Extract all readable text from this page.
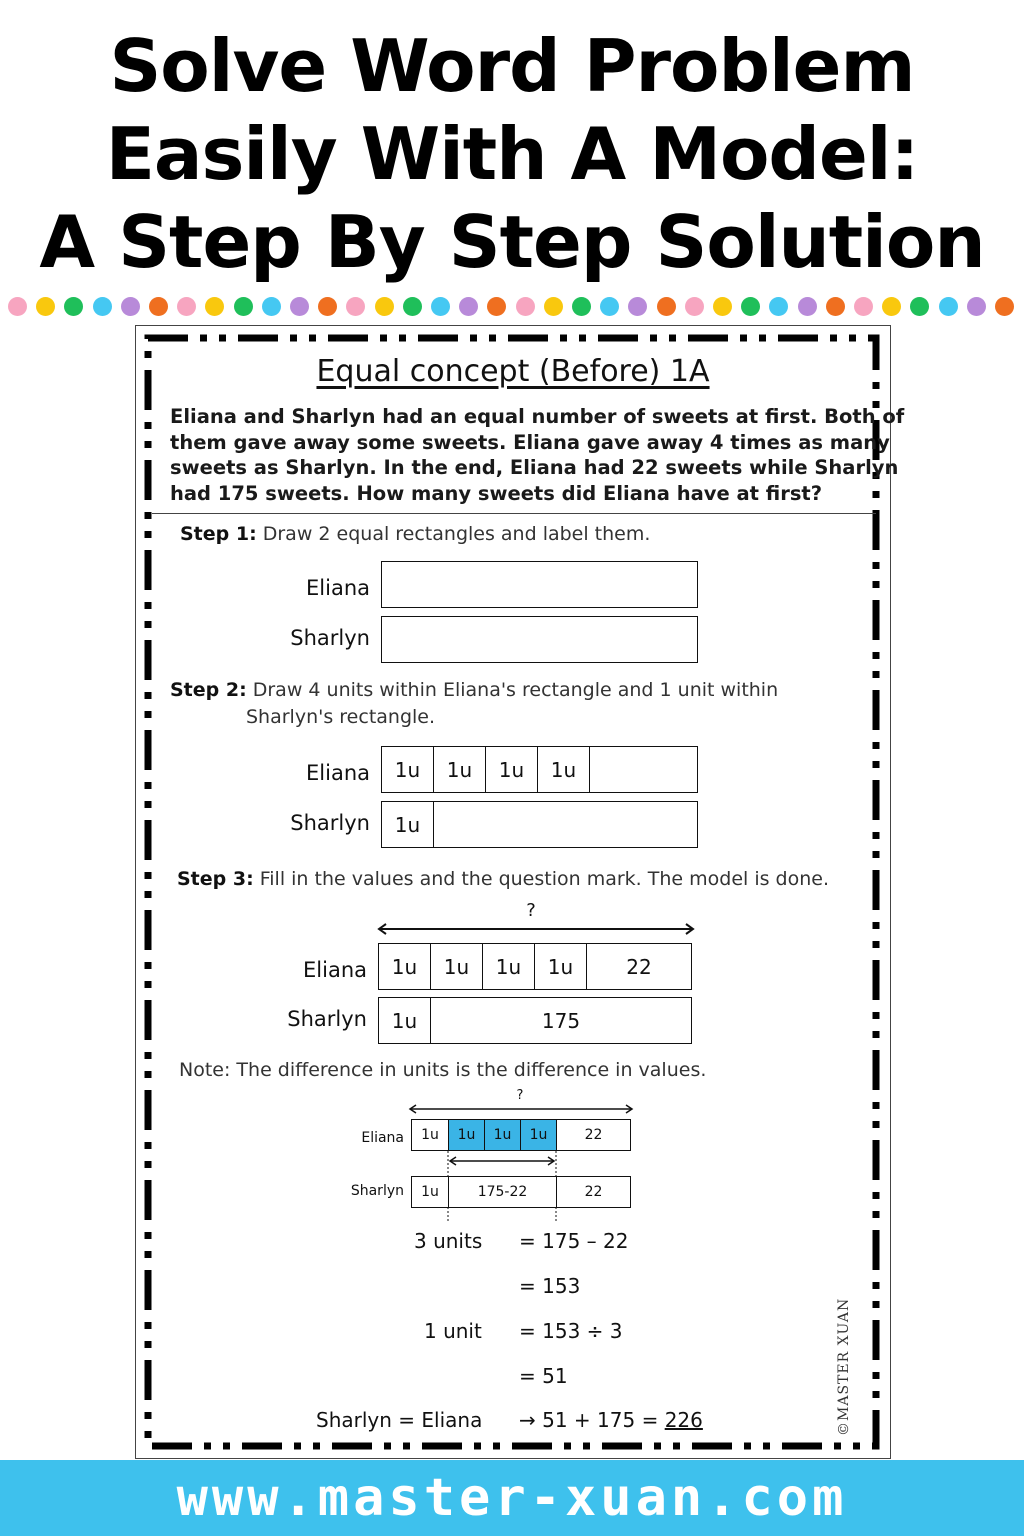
Solve Word Problem
Easily With A Model:
A Step By Step Solution
Equal concept (Before) 1A
Eliana and Sharlyn had an equal number of sweets at first. Both of
them gave away some sweets. Eliana gave away 4 times as many
sweets as Sharlyn. In the end, Eliana had 22 sweets while Sharlyn
had 175 sweets. How many sweets did Eliana have at first?
Step 1: Draw 2 equal rectangles and label them.
Eliana
Sharlyn
Step 2: Draw 4 units within Eliana's rectangle and 1 unit within
Sharlyn's rectangle.
Eliana	1u	1u	1u	1u
Sharlyn	1u
Step 3: Fill in the values and the question mark. The model is done.
?
Eliana	1u	1u	1u	1u	22
Sharlyn	1u	175
Note: The difference in units is the difference in values.
?
Eliana	1u	1u	1u	1u	22
Sharlyn	1u	175-22	22
3 units = 175 – 22
= 153
1 unit = 153 ÷ 3
= 51
Sharlyn = Eliana → 51 + 175 = 226	©MASTER XUAN
www.master-xuan.com
